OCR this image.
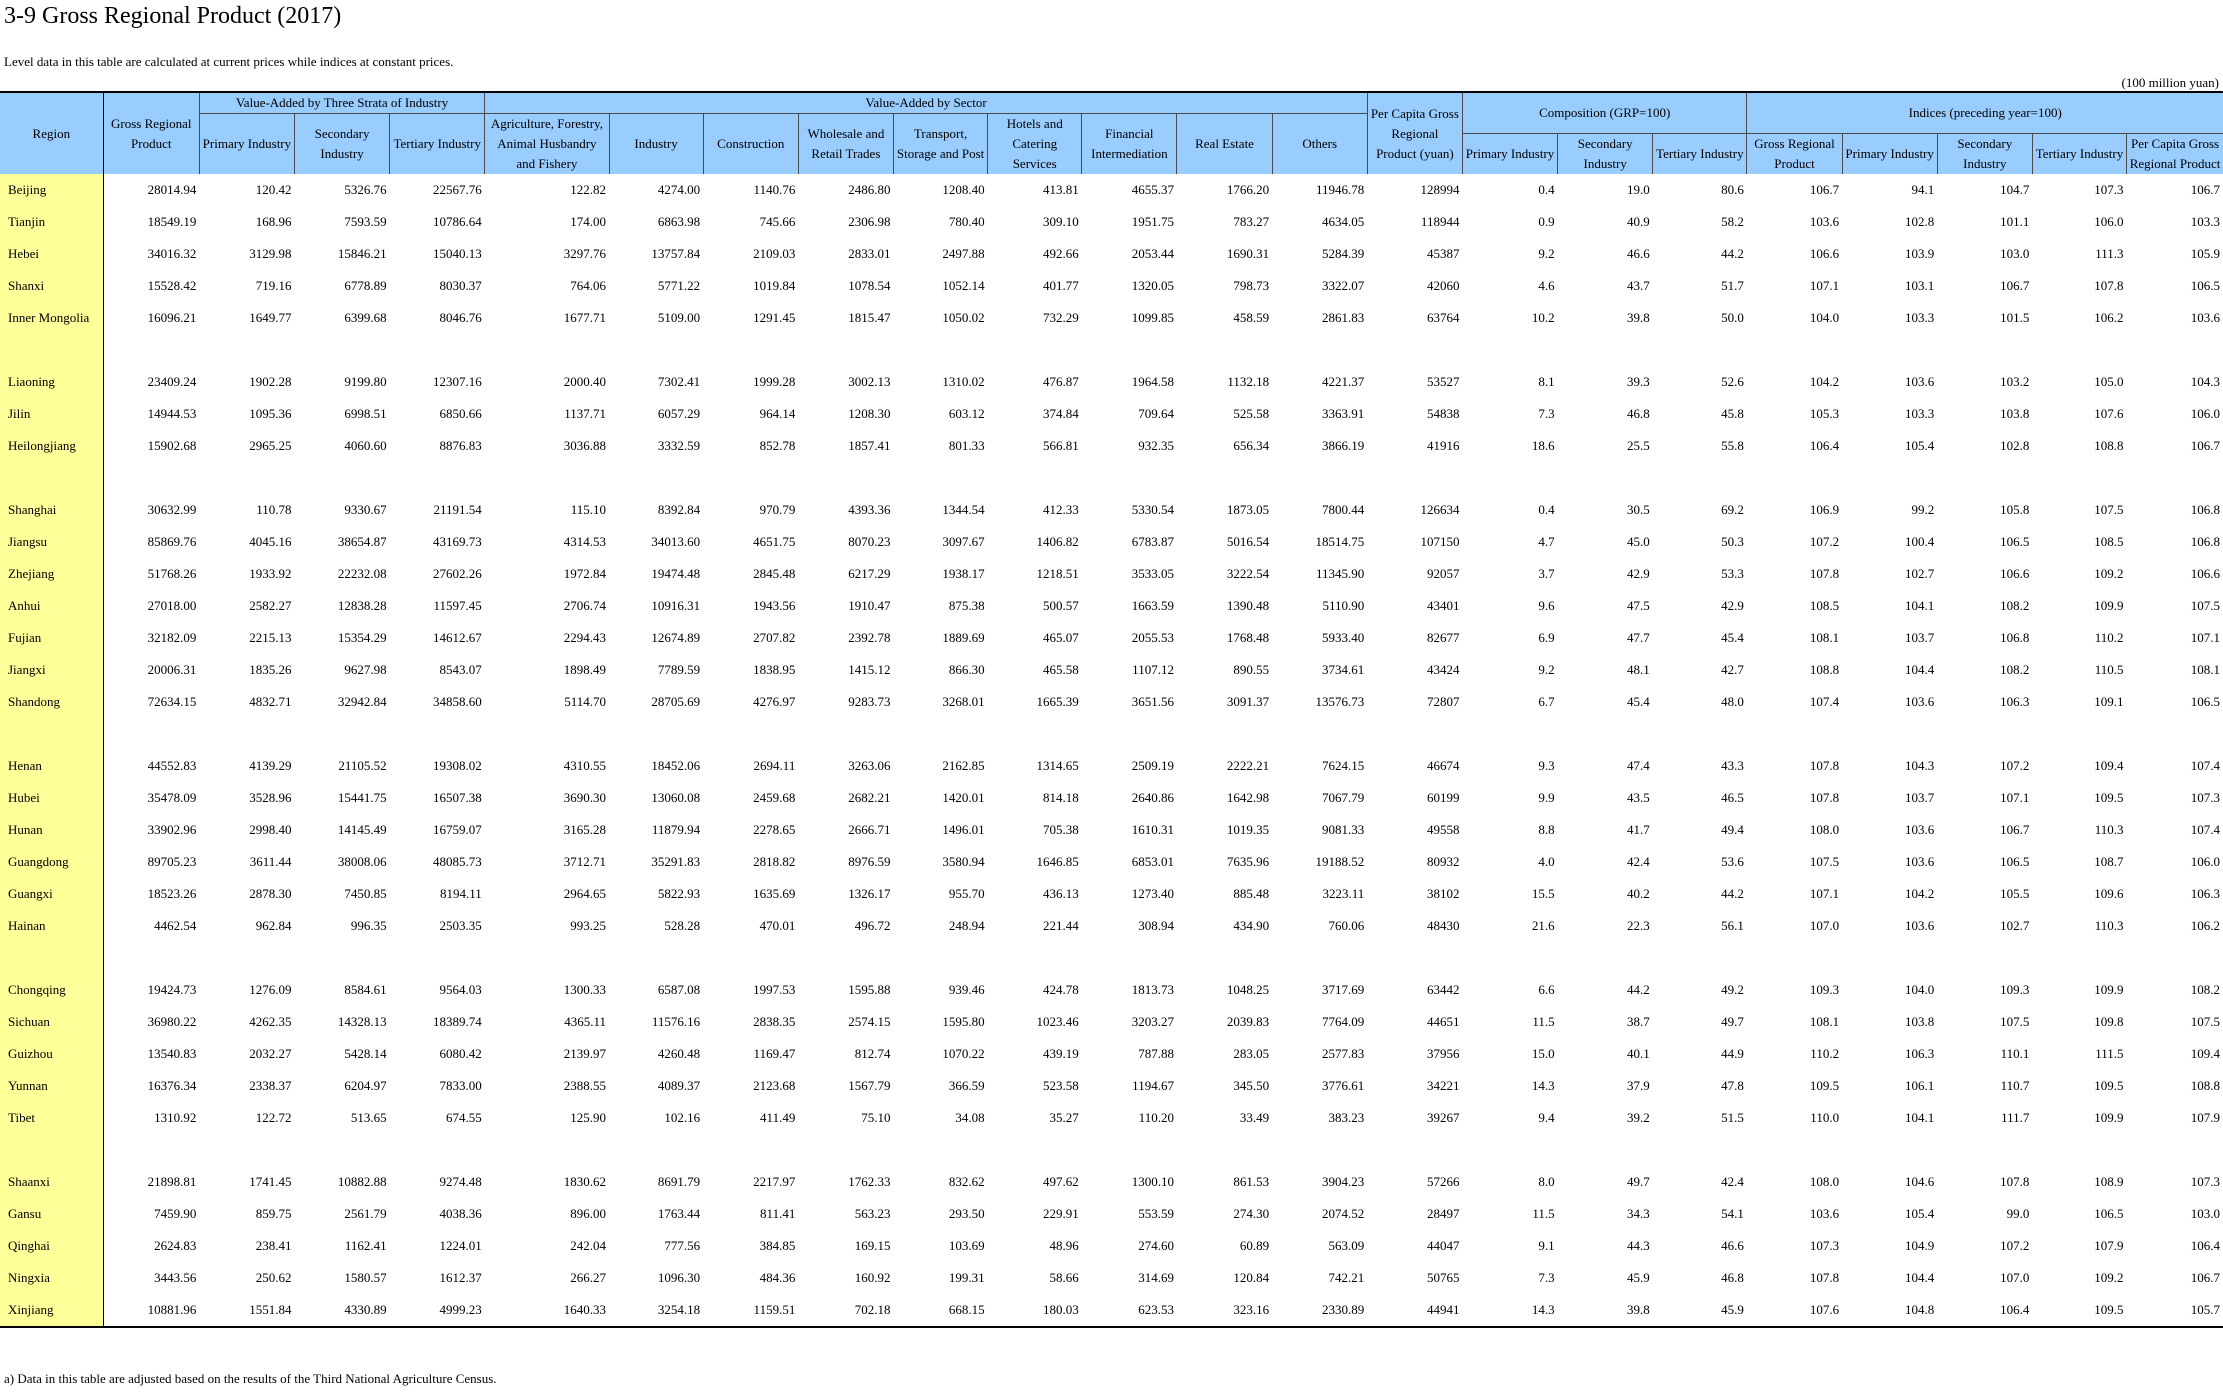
3-9 Gross Regional Product (2017)
Level data in this table are calculated at current prices while indices at constant prices.
(100 million yuan)
Region	Gross Regional Product	Value-Added by Three Strata of Industry			Value-Added by Sector									Per Capita Gross Regional Product (yuan)	Composition (GRP=100)			Indices (preceding year=100)				
		Primary Industry	Secondary Industry	Tertiary Industry	Agriculture, Forestry, Animal Husbandry and Fishery	Industry	Construction	Wholesale and Retail Trades	Transport, Storage and Post	Hotels and Catering Services	Financial Intermediation	Real Estate	Others									
															Primary Industry	Secondary Industry	Tertiary Industry	Gross Regional Product	Primary Industry	Secondary Industry	Tertiary Industry	Per Capita Gross Regional Product

Beijing	28014.94	120.42	5326.76	22567.76	122.82	4274.00	1140.76	2486.80	1208.40	413.81	4655.37	1766.20	11946.78	128994	0.4	19.0	80.6	106.7	94.1	104.7	107.3	106.7
Tianjin	18549.19	168.96	7593.59	10786.64	174.00	6863.98	745.66	2306.98	780.40	309.10	1951.75	783.27	4634.05	118944	0.9	40.9	58.2	103.6	102.8	101.1	106.0	103.3
Hebei	34016.32	3129.98	15846.21	15040.13	3297.76	13757.84	2109.03	2833.01	2497.88	492.66	2053.44	1690.31	5284.39	45387	9.2	46.6	44.2	106.6	103.9	103.0	111.3	105.9
Shanxi	15528.42	719.16	6778.89	8030.37	764.06	5771.22	1019.84	1078.54	1052.14	401.77	1320.05	798.73	3322.07	42060	4.6	43.7	51.7	107.1	103.1	106.7	107.8	106.5
Inner Mongolia	16096.21	1649.77	6399.68	8046.76	1677.71	5109.00	1291.45	1815.47	1050.02	732.29	1099.85	458.59	2861.83	63764	10.2	39.8	50.0	104.0	103.3	101.5	106.2	103.6

Liaoning	23409.24	1902.28	9199.80	12307.16	2000.40	7302.41	1999.28	3002.13	1310.02	476.87	1964.58	1132.18	4221.37	53527	8.1	39.3	52.6	104.2	103.6	103.2	105.0	104.3
Jilin	14944.53	1095.36	6998.51	6850.66	1137.71	6057.29	964.14	1208.30	603.12	374.84	709.64	525.58	3363.91	54838	7.3	46.8	45.8	105.3	103.3	103.8	107.6	106.0
Heilongjiang	15902.68	2965.25	4060.60	8876.83	3036.88	3332.59	852.78	1857.41	801.33	566.81	932.35	656.34	3866.19	41916	18.6	25.5	55.8	106.4	105.4	102.8	108.8	106.7

Shanghai	30632.99	110.78	9330.67	21191.54	115.10	8392.84	970.79	4393.36	1344.54	412.33	5330.54	1873.05	7800.44	126634	0.4	30.5	69.2	106.9	99.2	105.8	107.5	106.8
Jiangsu	85869.76	4045.16	38654.87	43169.73	4314.53	34013.60	4651.75	8070.23	3097.67	1406.82	6783.87	5016.54	18514.75	107150	4.7	45.0	50.3	107.2	100.4	106.5	108.5	106.8
Zhejiang	51768.26	1933.92	22232.08	27602.26	1972.84	19474.48	2845.48	6217.29	1938.17	1218.51	3533.05	3222.54	11345.90	92057	3.7	42.9	53.3	107.8	102.7	106.6	109.2	106.6
Anhui	27018.00	2582.27	12838.28	11597.45	2706.74	10916.31	1943.56	1910.47	875.38	500.57	1663.59	1390.48	5110.90	43401	9.6	47.5	42.9	108.5	104.1	108.2	109.9	107.5
Fujian	32182.09	2215.13	15354.29	14612.67	2294.43	12674.89	2707.82	2392.78	1889.69	465.07	2055.53	1768.48	5933.40	82677	6.9	47.7	45.4	108.1	103.7	106.8	110.2	107.1
Jiangxi	20006.31	1835.26	9627.98	8543.07	1898.49	7789.59	1838.95	1415.12	866.30	465.58	1107.12	890.55	3734.61	43424	9.2	48.1	42.7	108.8	104.4	108.2	110.5	108.1
Shandong	72634.15	4832.71	32942.84	34858.60	5114.70	28705.69	4276.97	9283.73	3268.01	1665.39	3651.56	3091.37	13576.73	72807	6.7	45.4	48.0	107.4	103.6	106.3	109.1	106.5

Henan	44552.83	4139.29	21105.52	19308.02	4310.55	18452.06	2694.11	3263.06	2162.85	1314.65	2509.19	2222.21	7624.15	46674	9.3	47.4	43.3	107.8	104.3	107.2	109.4	107.4
Hubei	35478.09	3528.96	15441.75	16507.38	3690.30	13060.08	2459.68	2682.21	1420.01	814.18	2640.86	1642.98	7067.79	60199	9.9	43.5	46.5	107.8	103.7	107.1	109.5	107.3
Hunan	33902.96	2998.40	14145.49	16759.07	3165.28	11879.94	2278.65	2666.71	1496.01	705.38	1610.31	1019.35	9081.33	49558	8.8	41.7	49.4	108.0	103.6	106.7	110.3	107.4
Guangdong	89705.23	3611.44	38008.06	48085.73	3712.71	35291.83	2818.82	8976.59	3580.94	1646.85	6853.01	7635.96	19188.52	80932	4.0	42.4	53.6	107.5	103.6	106.5	108.7	106.0
Guangxi	18523.26	2878.30	7450.85	8194.11	2964.65	5822.93	1635.69	1326.17	955.70	436.13	1273.40	885.48	3223.11	38102	15.5	40.2	44.2	107.1	104.2	105.5	109.6	106.3
Hainan	4462.54	962.84	996.35	2503.35	993.25	528.28	470.01	496.72	248.94	221.44	308.94	434.90	760.06	48430	21.6	22.3	56.1	107.0	103.6	102.7	110.3	106.2

Chongqing	19424.73	1276.09	8584.61	9564.03	1300.33	6587.08	1997.53	1595.88	939.46	424.78	1813.73	1048.25	3717.69	63442	6.6	44.2	49.2	109.3	104.0	109.3	109.9	108.2
Sichuan	36980.22	4262.35	14328.13	18389.74	4365.11	11576.16	2838.35	2574.15	1595.80	1023.46	3203.27	2039.83	7764.09	44651	11.5	38.7	49.7	108.1	103.8	107.5	109.8	107.5
Guizhou	13540.83	2032.27	5428.14	6080.42	2139.97	4260.48	1169.47	812.74	1070.22	439.19	787.88	283.05	2577.83	37956	15.0	40.1	44.9	110.2	106.3	110.1	111.5	109.4
Yunnan	16376.34	2338.37	6204.97	7833.00	2388.55	4089.37	2123.68	1567.79	366.59	523.58	1194.67	345.50	3776.61	34221	14.3	37.9	47.8	109.5	106.1	110.7	109.5	108.8
Tibet	1310.92	122.72	513.65	674.55	125.90	102.16	411.49	75.10	34.08	35.27	110.20	33.49	383.23	39267	9.4	39.2	51.5	110.0	104.1	111.7	109.9	107.9

Shaanxi	21898.81	1741.45	10882.88	9274.48	1830.62	8691.79	2217.97	1762.33	832.62	497.62	1300.10	861.53	3904.23	57266	8.0	49.7	42.4	108.0	104.6	107.8	108.9	107.3
Gansu	7459.90	859.75	2561.79	4038.36	896.00	1763.44	811.41	563.23	293.50	229.91	553.59	274.30	2074.52	28497	11.5	34.3	54.1	103.6	105.4	99.0	106.5	103.0
Qinghai	2624.83	238.41	1162.41	1224.01	242.04	777.56	384.85	169.15	103.69	48.96	274.60	60.89	563.09	44047	9.1	44.3	46.6	107.3	104.9	107.2	107.9	106.4
Ningxia	3443.56	250.62	1580.57	1612.37	266.27	1096.30	484.36	160.92	199.31	58.66	314.69	120.84	742.21	50765	7.3	45.9	46.8	107.8	104.4	107.0	109.2	106.7
Xinjiang	10881.96	1551.84	4330.89	4999.23	1640.33	3254.18	1159.51	702.18	668.15	180.03	623.53	323.16	2330.89	44941	14.3	39.8	45.9	107.6	104.8	106.4	109.5	105.7
a) Data in this table are adjusted based on the results of the Third National Agriculture Census.
